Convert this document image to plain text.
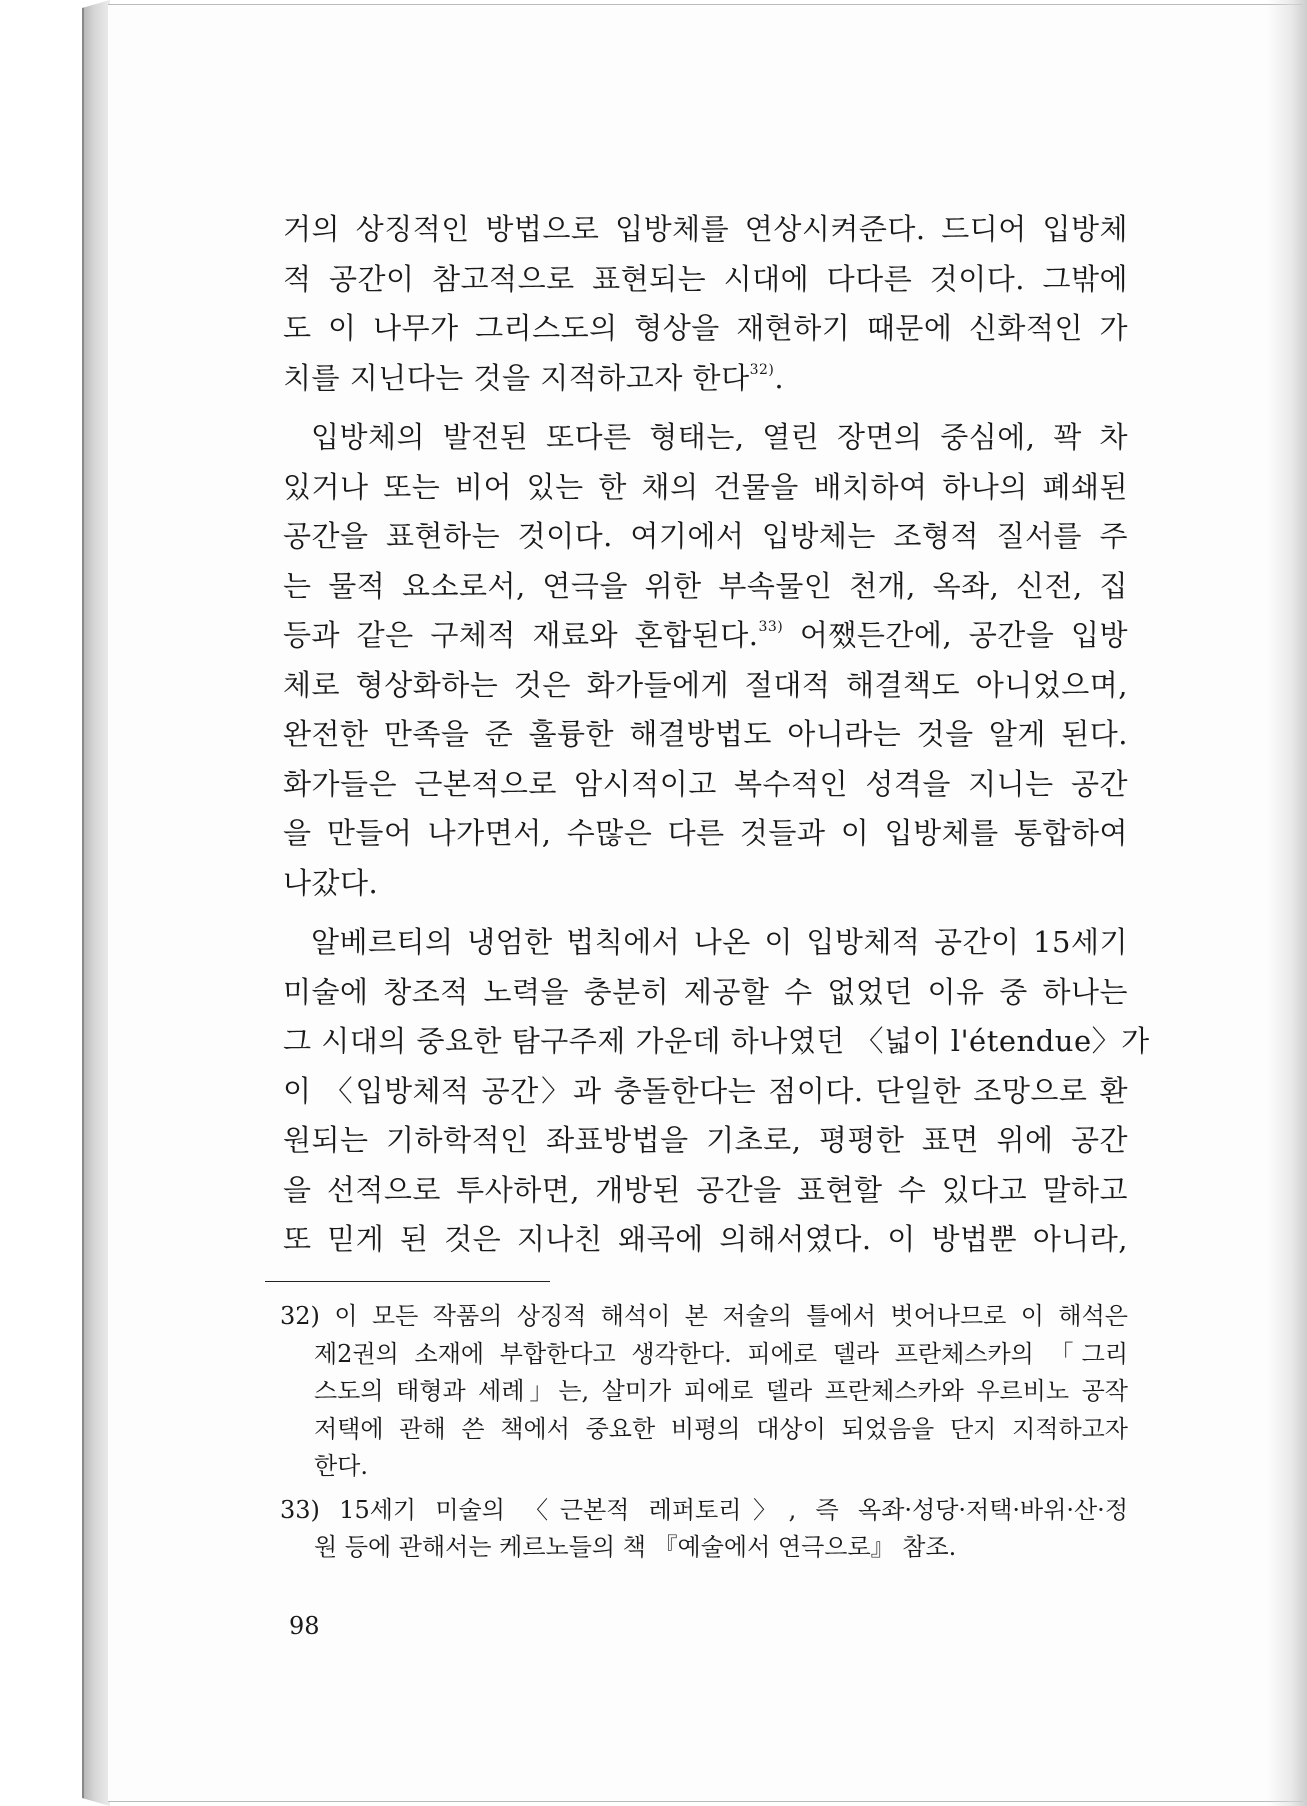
거의 상징적인 방법으로 입방체를 연상시켜준다. 드디어 입방체
적 공간이 참고적으로 표현되는 시대에 다다른 것이다. 그밖에
도 이 나무가 그리스도의 형상을 재현하기 때문에 신화적인 가
치를 지닌다는 것을 지적하고자 한다$^{32)}$.
입방체의 발전된 또다른 형태는, 열린 장면의 중심에, 꽉 차
있거나 또는 비어 있는 한 채의 건물을 배치하여 하나의 폐쇄된
공간을 표현하는 것이다. 여기에서 입방체는 조형적 질서를 주
는 물적 요소로서, 연극을 위한 부속물인 천개, 옥좌, 신전, 집
등과 같은 구체적 재료와 혼합된다.$^{33)}$ 어쨌든간에, 공간을 입방
체로 형상화하는 것은 화가들에게 절대적 해결책도 아니었으며,
완전한 만족을 준 훌륭한 해결방법도 아니라는 것을 알게 된다.
화가들은 근본적으로 암시적이고 복수적인 성격을 지니는 공간
을 만들어 나가면서, 수많은 다른 것들과 이 입방체를 통합하여
나갔다.
알베르티의 냉엄한 법칙에서 나온 이 입방체적 공간이 15세기
미술에 창조적 노력을 충분히 제공할 수 없었던 이유 중 하나는
그 시대의 중요한 탐구주제 가운데 하나였던 〈넓이 l'étendue〉가
이 〈입방체적 공간〉과 충돌한다는 점이다. 단일한 조망으로 환
원되는 기하학적인 좌표방법을 기초로, 평평한 표면 위에 공간
을 선적으로 투사하면, 개방된 공간을 표현할 수 있다고 말하고
또 믿게 된 것은 지나친 왜곡에 의해서였다. 이 방법뿐 아니라,
32) 이 모든 작품의 상징적 해석이 본 저술의 틀에서 벗어나므로 이 해석은
제2권의 소재에 부합한다고 생각한다. 피에로 델라 프란체스카의 「그리
스도의 태형과 세례」는, 살미가 피에로 델라 프란체스카와 우르비노 공작
저택에 관해 쓴 책에서 중요한 비평의 대상이 되었음을 단지 지적하고자
한다.
33) 15세기 미술의 〈근본적 레퍼토리〉, 즉 옥좌·성당·저택·바위·산·정
원 등에 관해서는 케르노들의 책 『예술에서 연극으로』 참조.
98
